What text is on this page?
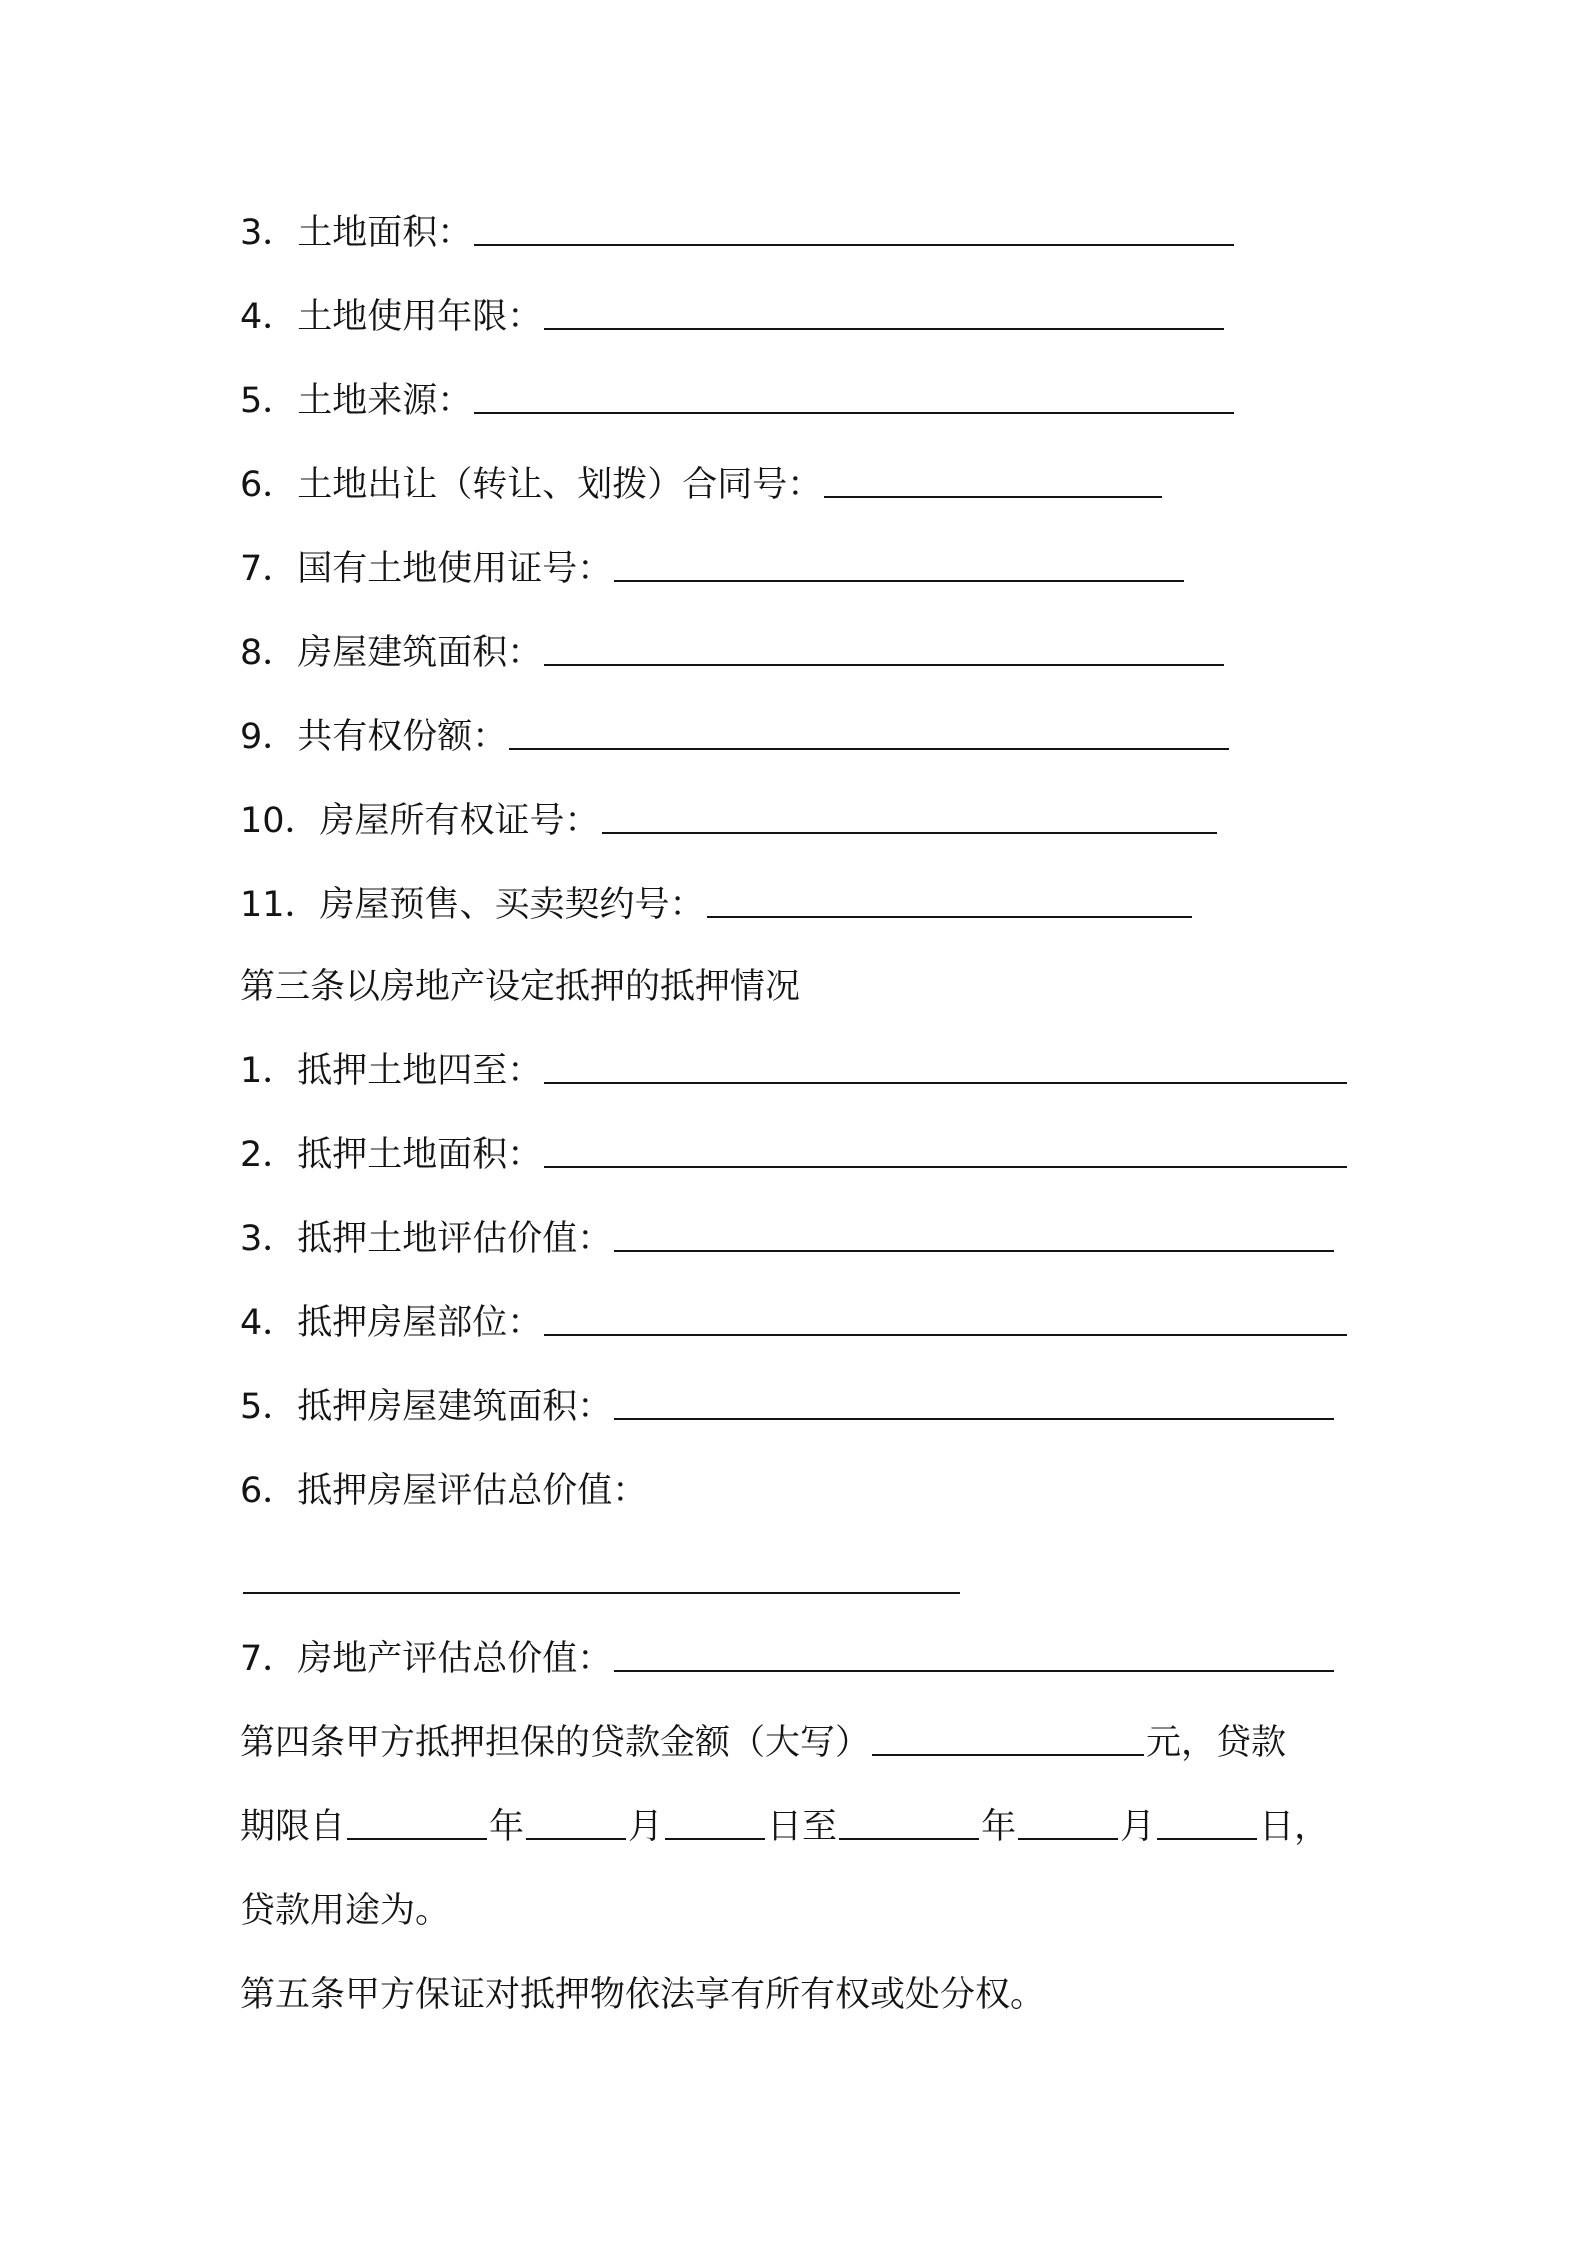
3．土地面积：
4．土地使用年限：
5．土地来源：
6．土地出让（转让、划拨）合同号：
7．国有土地使用证号：
8．房屋建筑面积：
9．共有权份额：
10．房屋所有权证号：
11．房屋预售、买卖契约号：
第三条以房地产设定抵押的抵押情况
1．抵押土地四至：
2．抵押土地面积：
3．抵押土地评估价值：
4．抵押房屋部位：
5．抵押房屋建筑面积：
6．抵押房屋评估总价值：
7．房地产评估总价值：
第四条甲方抵押担保的贷款金额（大写）	元，贷款
期限自	年	月	日至	年	月	日，
贷款用途为。
第五条甲方保证对抵押物依法享有所有权或处分权。
